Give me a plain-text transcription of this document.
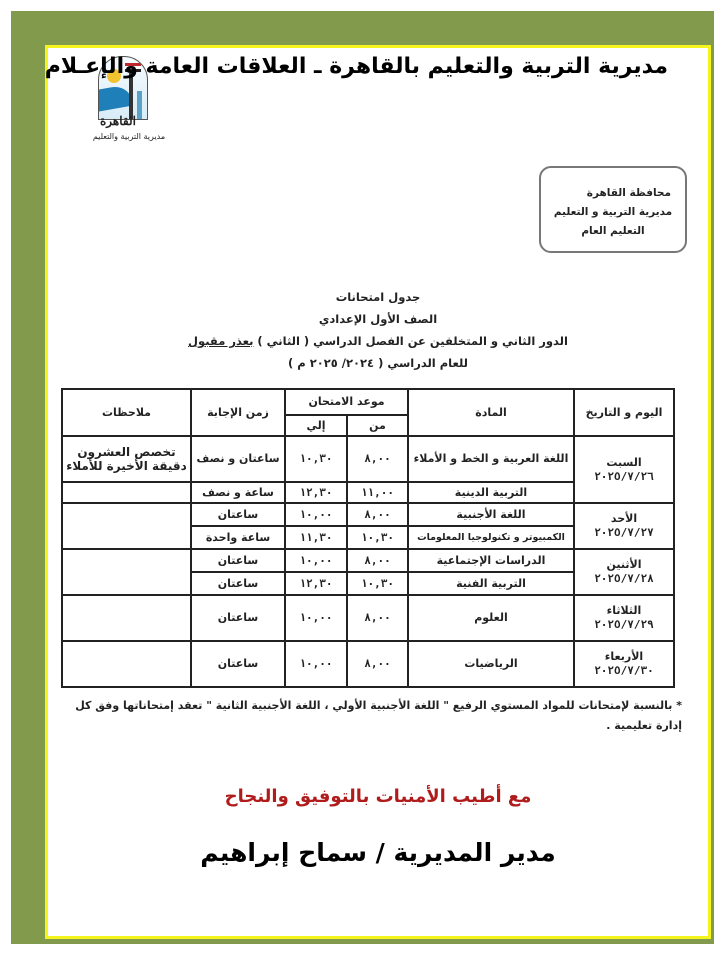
القاهرة
مديرية التربية والتعليم
مديرية التربية والتعليم بالقاهرة ـ العلاقات العامة والإعـلام
محافظة القاهرة
مديرية التربية و التعليم
التعليم العام
جدول امتحانات
الصف الأول الإعدادي
الدور الثاني و المتخلفين عن الفصل الدراسي ( الثاني ) بعذر مقبول
للعام الدراسي ( ٢٠٢٤/ ٢٠٢٥ م )
اليوم و التاريخ	المادة	موعد الامتحان		زمن الإجابة	ملاحظات
		من	إلي		

السبت
٢٠٢٥/٧/٢٦	اللغة العربية و الخط و الأملاء	٨,٠٠	١٠,٣٠	ساعتان و نصف	تخصص العشرون دقيقة الأخيرة للأملاء
	التربية الدينية	١١,٠٠	١٢,٣٠	ساعة و نصف	

الأحد
٢٠٢٥/٧/٢٧	اللغة الأجنبية	٨,٠٠	١٠,٠٠	ساعتان	
	الكمبيوتر و تكنولوجيا المعلومات	١٠,٣٠	١١,٣٠	ساعة واحدة	

الأثنين
٢٠٢٥/٧/٢٨	الدراسات الإجتماعية	٨,٠٠	١٠,٠٠	ساعتان	
	التربية الفنية	١٠,٣٠	١٢,٣٠	ساعتان	

الثلاثاء
٢٠٢٥/٧/٢٩	العلوم	٨,٠٠	١٠,٠٠	ساعتان	

الأربعاء
٢٠٢٥/٧/٣٠	الرياضيات	٨,٠٠	١٠,٠٠	ساعتان	
* بالنسبة لإمتحانات للمواد المستوي الرفيع " اللغة الأجنبية الأولي ، اللغة الأجنبية الثانية " تعقد إمتحاناتها وفق كل إدارة تعليمية .
مع أطيب الأمنيات بالتوفيق والنجاح
مدير المديرية / سماح إبراهيم
